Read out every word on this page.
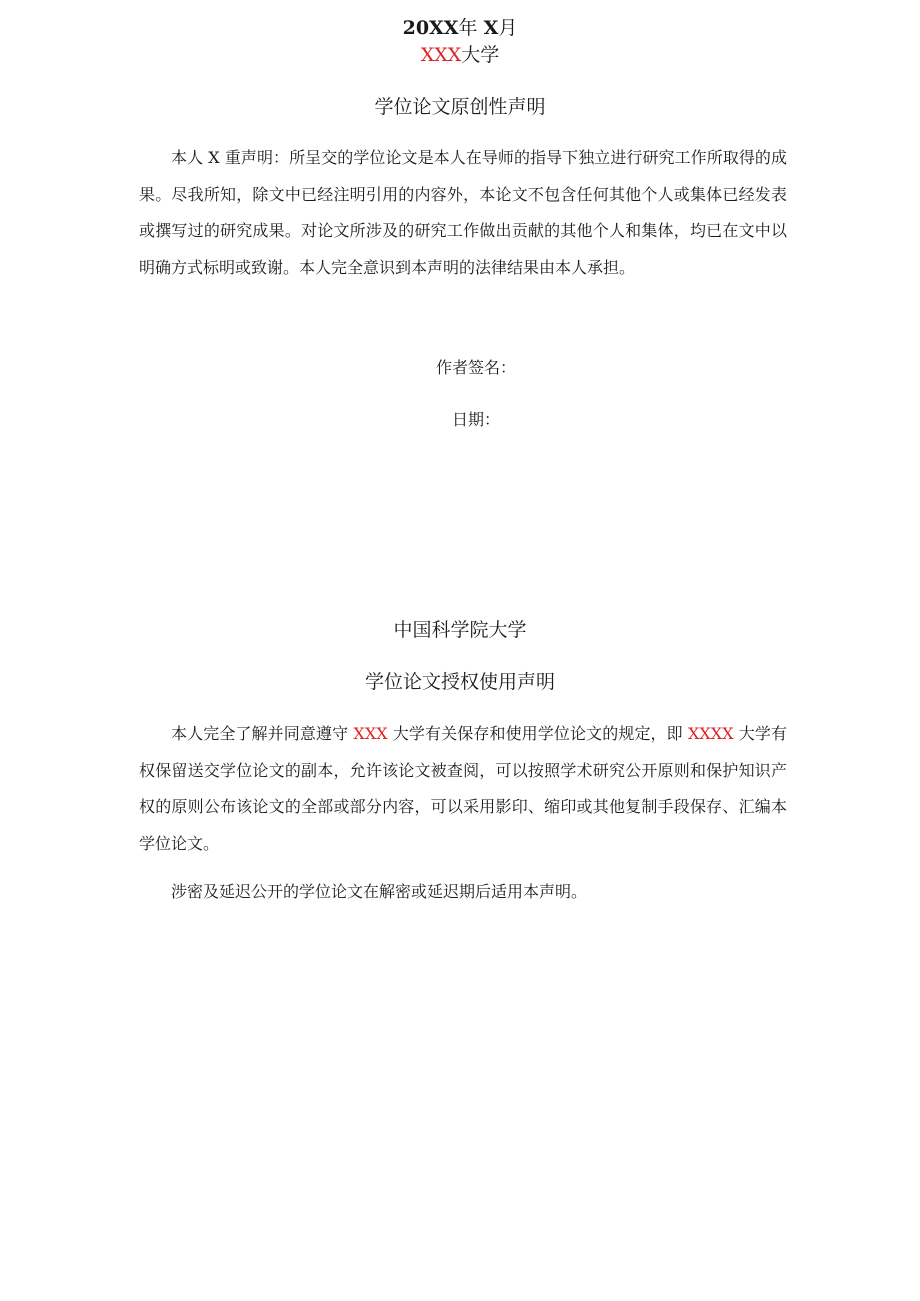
20XX年 X月
XXX大学
学位论文原创性声明

本人 X 重声明：所呈交的学位论文是本人在导师的指导下独立进行研究工作所取得的成果。尽我所知，除文中已经注明引用的内容外，本论文不包含任何其他个人或集体已经发表或撰写过的研究成果。对论文所涉及的研究工作做出贡献的其他个人和集体，均已在文中以明确方式标明或致谢。本人完全意识到本声明的法律结果由本人承担。

作者签名：
日期：
中国科学院大学
学位论文授权使用声明

本人完全了解并同意遵守 XXX 大学有关保存和使用学位论文的规定，即 XXXX 大学有权保留送交学位论文的副本，允许该论文被查阅，可以按照学术研究公开原则和保护知识产权的原则公布该论文的全部或部分内容，可以采用影印、缩印或其他复制手段保存、汇编本学位论文。

涉密及延迟公开的学位论文在解密或延迟期后适用本声明。
